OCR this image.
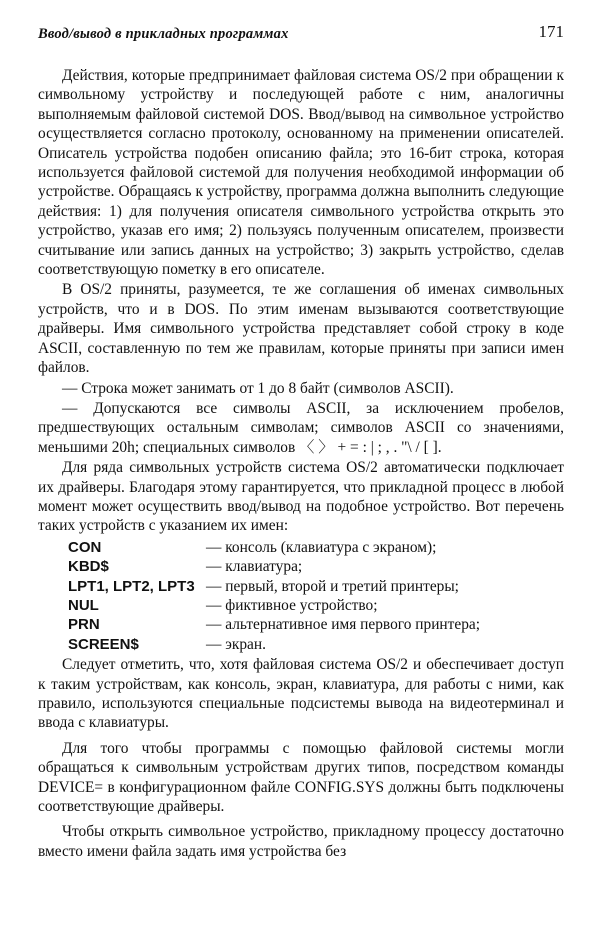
Ввод/вывод в прикладных программах	171

Действия, которые предпринимает файловая система OS/2 при обращении к символьному устройству и последующей работе с ним, аналогичны выполняемым файловой системой DOS. Ввод/вывод на символьное устройство осуществляется согласно протоколу, основанному на применении описателей. Описатель устройства подобен описанию файла; это 16-бит строка, которая используется файловой системой для получения необходимой информации об устройстве. Обращаясь к устройству, программа должна выполнить следующие действия: 1) для получения описателя символьного устройства открыть это устройство, указав его имя; 2) пользуясь полученным описателем, произвести считывание или запись данных на устройство; 3) закрыть устройство, сделав соответствующую пометку в его описателе.

В OS/2 приняты, разумеется, те же соглашения об именах символьных устройств, что и в DOS. По этим именам вызываются соответствующие драйверы. Имя символьного устройства представляет собой строку в коде ASCII, составленную по тем же правилам, которые приняты при записи имен файлов.

— Строка может занимать от 1 до 8 байт (символов ASCII).

— Допускаются все символы ASCII, за исключением пробелов, предшествующих остальным символам; символов ASCII со значениями, меньшими 20h; специальных символов 〈 〉 + = : | ; , . "\ / [ ].

Для ряда символьных устройств система OS/2 автоматически подключает их драйверы. Благодаря этому гарантируется, что прикладной процесс в любой момент может осуществить ввод/вывод на подобное устройство. Вот перечень таких устройств с указанием их имен:

CON	— консоль (клавиатура с экраном);
KBD$	— клавиатура;
LPT1, LPT2, LPT3 — первый, второй и третий принтеры;
NUL	— фиктивное устройство;
PRN	— альтернативное имя первого принтера;
SCREEN$	— экран.

Следует отметить, что, хотя файловая система OS/2 и обеспечивает доступ к таким устройствам, как консоль, экран, клавиатура, для работы с ними, как правило, используются специальные подсистемы вывода на видеотерминал и ввода с клавиатуры.

Для того чтобы программы с помощью файловой системы могли обращаться к символьным устройствам других типов, посредством команды DEVICE= в конфигурационном файле CONFIG.SYS должны быть подключены соответствующие драйверы.

Чтобы открыть символьное устройство, прикладному процессу достаточно вместо имени файла задать имя устройства без
